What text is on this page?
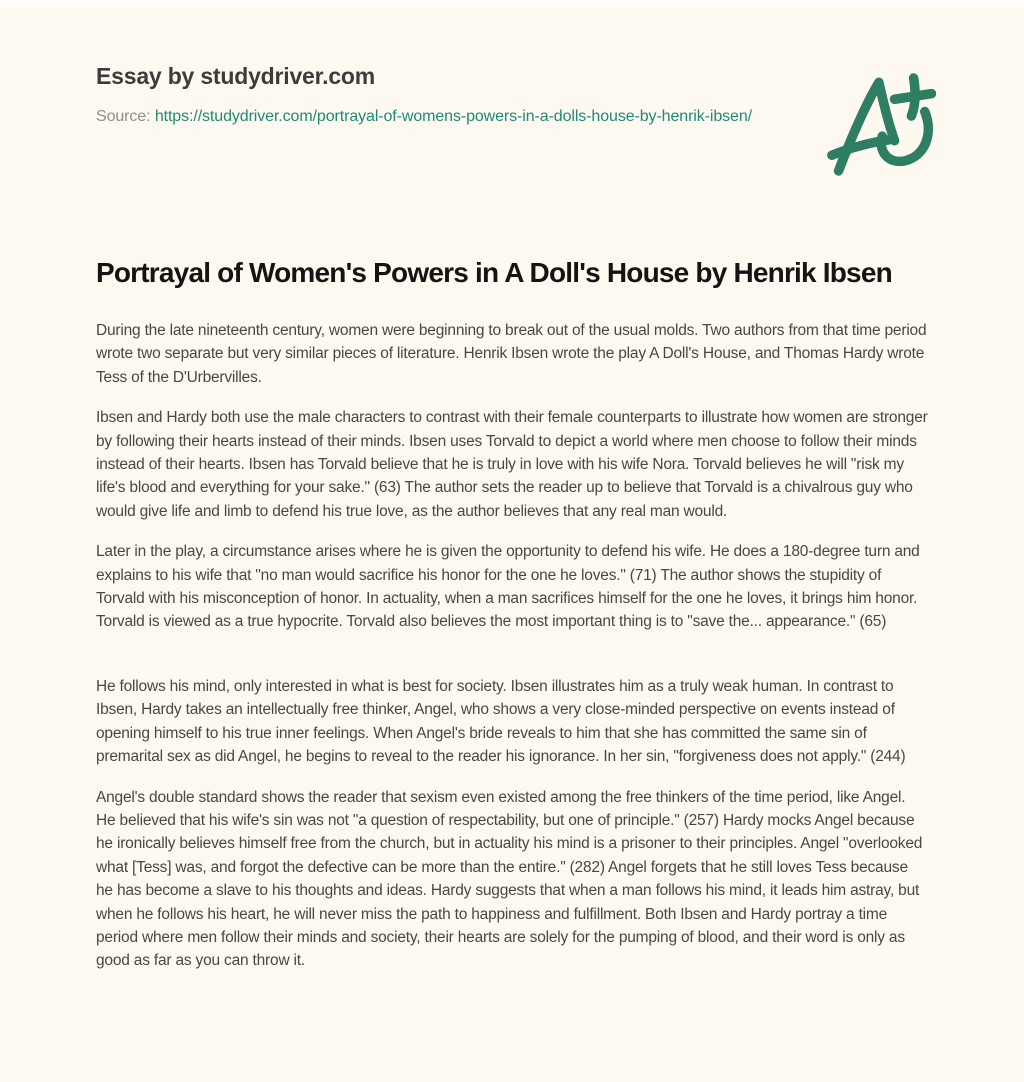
Essay by studydriver.com
Source: https://studydriver.com/portrayal-of-womens-powers-in-a-dolls-house-by-henrik-ibsen/
Portrayal of Women's Powers in A Doll's House by Henrik Ibsen

During the late nineteenth century, women were beginning to break out of the usual molds. Two authors from that time period wrote two separate but very similar pieces of literature. Henrik Ibsen wrote the play A Doll's House, and Thomas Hardy wrote Tess of the D'Urbervilles.

Ibsen and Hardy both use the male characters to contrast with their female counterparts to illustrate how women are stronger by following their hearts instead of their minds. Ibsen uses Torvald to depict a world where men choose to follow their minds instead of their hearts. Ibsen has Torvald believe that he is truly in love with his wife Nora. Torvald believes he will "risk my life's blood and everything for your sake." (63) The author sets the reader up to believe that Torvald is a chivalrous guy who would give life and limb to defend his true love, as the author believes that any real man would.

Later in the play, a circumstance arises where he is given the opportunity to defend his wife. He does a 180-degree turn and explains to his wife that "no man would sacrifice his honor for the one he loves." (71) The author shows the stupidity of Torvald with his misconception of honor. In actuality, when a man sacrifices himself for the one he loves, it brings him honor. Torvald is viewed as a true hypocrite. Torvald also believes the most important thing is to "save the... appearance." (65)

He follows his mind, only interested in what is best for society. Ibsen illustrates him as a truly weak human. In contrast to Ibsen, Hardy takes an intellectually free thinker, Angel, who shows a very close-minded perspective on events instead of opening himself to his true inner feelings. When Angel's bride reveals to him that she has committed the same sin of premarital sex as did Angel, he begins to reveal to the reader his ignorance. In her sin, "forgiveness does not apply." (244)

Angel's double standard shows the reader that sexism even existed among the free thinkers of the time period, like Angel. He believed that his wife's sin was not "a question of respectability, but one of principle." (257) Hardy mocks Angel because he ironically believes himself free from the church, but in actuality his mind is a prisoner to their principles. Angel "overlooked what [Tess] was, and forgot the defective can be more than the entire." (282) Angel forgets that he still loves Tess because he has become a slave to his thoughts and ideas. Hardy suggests that when a man follows his mind, it leads him astray, but when he follows his heart, he will never miss the path to happiness and fulfillment. Both Ibsen and Hardy portray a time period where men follow their minds and society, their hearts are solely for the pumping of blood, and their word is only as good as far as you can throw it.
